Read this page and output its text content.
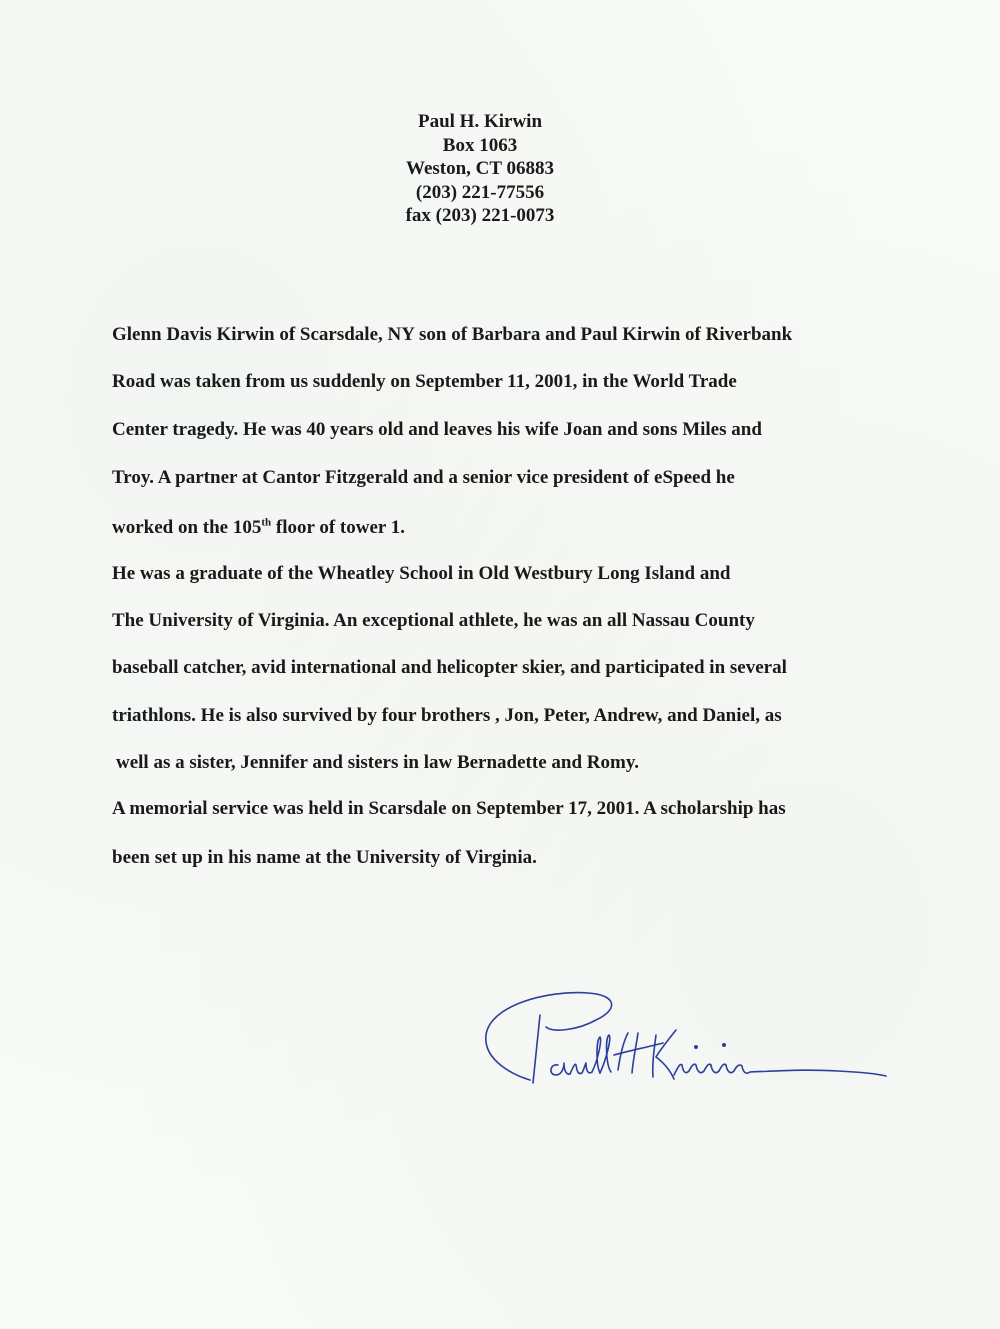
Paul H. Kirwin
Box 1063
Weston, CT 06883
(203) 221-77556
fax (203) 221-0073
Glenn Davis Kirwin of Scarsdale, NY son of Barbara and Paul Kirwin of Riverbank
Road was taken from us suddenly on September 11, 2001, in the World Trade
Center tragedy. He was 40 years old and leaves his wife Joan and sons Miles and
Troy. A partner at Cantor Fitzgerald and a senior vice president of eSpeed he
worked on the 105th floor of tower 1.
He was a graduate of the Wheatley School in Old Westbury Long Island and
The University of Virginia. An exceptional athlete, he was an all Nassau County
baseball catcher, avid international and helicopter skier, and participated in several
triathlons. He is also survived by four brothers , Jon, Peter, Andrew, and Daniel, as
well as a sister, Jennifer and sisters in law Bernadette and Romy.
A memorial service was held in Scarsdale on September 17, 2001. A scholarship has
been set up in his name at the University of Virginia.
